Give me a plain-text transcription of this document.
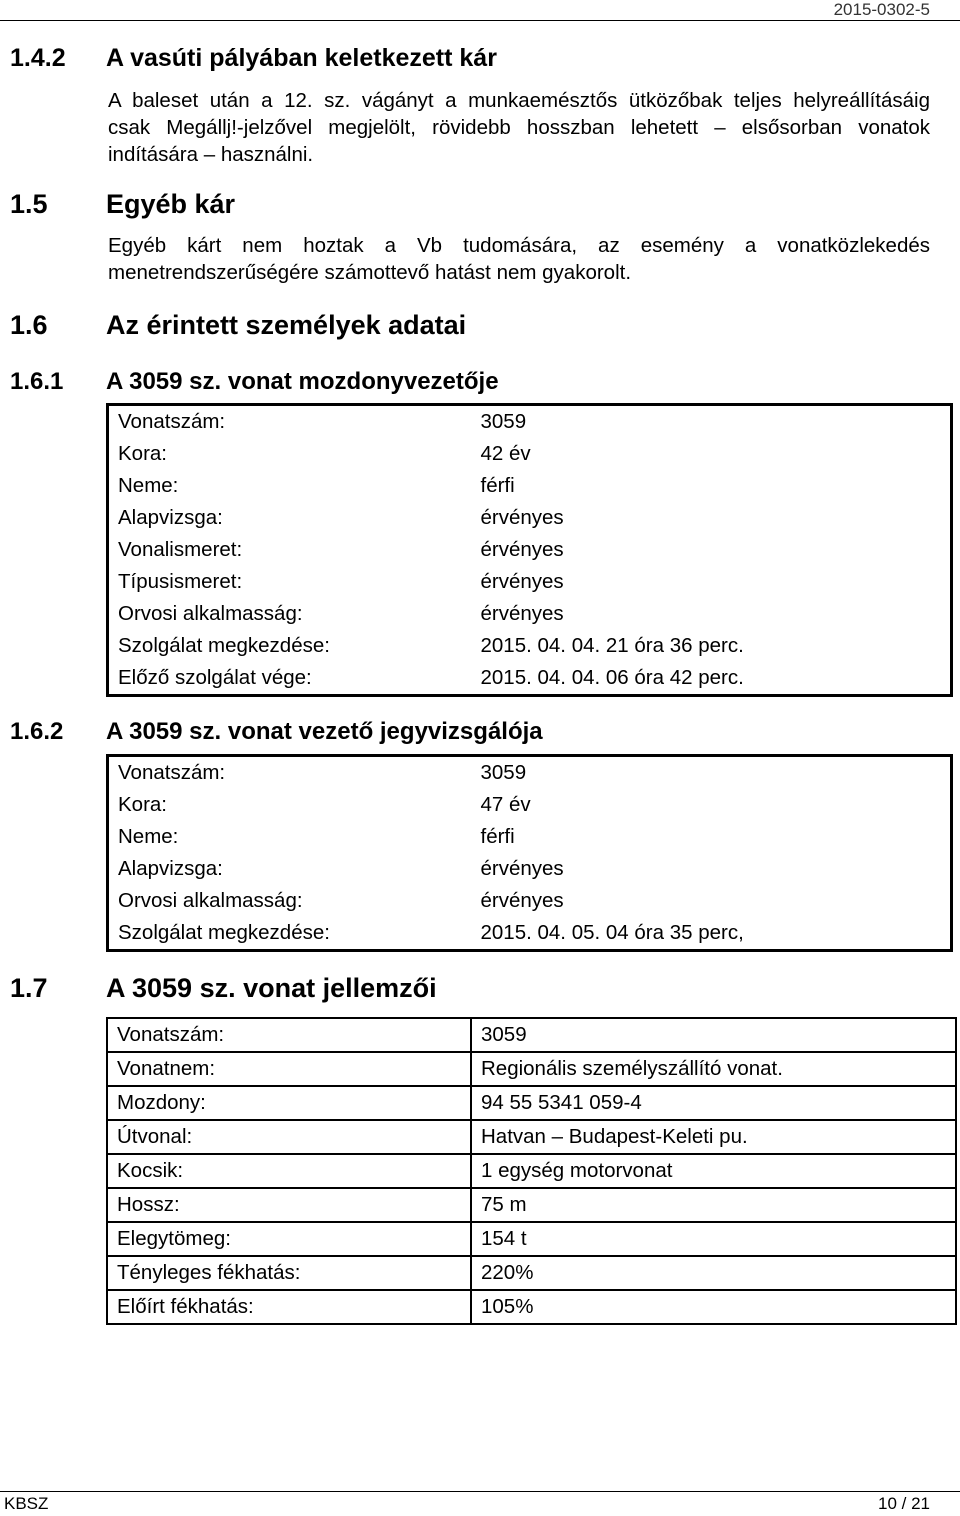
2015-0302-5
1.4.2 A vasúti pályában keletkezett kár
A baleset után a 12. sz. vágányt a munkaemésztős ütközőbak teljes helyreállításáig
csak Megállj!-jelzővel megjelölt, rövidebb hosszban lehetett – elsősorban vonatok
indítására – használni.
1.5 Egyéb kár
Egyéb kárt nem hoztak a Vb tudomására, az esemény a vonatközlekedés
menetrendszerűségére számottevő hatást nem gyakorolt.
1.6 Az érintett személyek adatai
1.6.1 A 3059 sz. vonat mozdonyvezetője
Vonatszám:	3059
Kora:	42 év
Neme:	férfi
Alapvizsga:	érvényes
Vonalismeret:	érvényes
Típusismeret:	érvényes
Orvosi alkalmasság:	érvényes
Szolgálat megkezdése:	2015. 04. 04. 21 óra 36 perc.
Előző szolgálat vége:	2015. 04. 04. 06 óra 42 perc.
1.6.2 A 3059 sz. vonat vezető jegyvizsgálója
Vonatszám:	3059
Kora:	47 év
Neme:	férfi
Alapvizsga:	érvényes
Orvosi alkalmasság:	érvényes
Szolgálat megkezdése:	2015. 04. 05. 04 óra 35 perc,
1.7 A 3059 sz. vonat jellemzői
Vonatszám:	3059
Vonatnem:	Regionális személyszállító vonat.
Mozdony:	94 55 5341 059-4
Útvonal:	Hatvan – Budapest-Keleti pu.
Kocsik:	1 egység motorvonat
Hossz:	75 m
Elegytömeg:	154 t
Tényleges fékhatás:	220%
Előírt fékhatás:	105%
KBSZ	10 / 21
